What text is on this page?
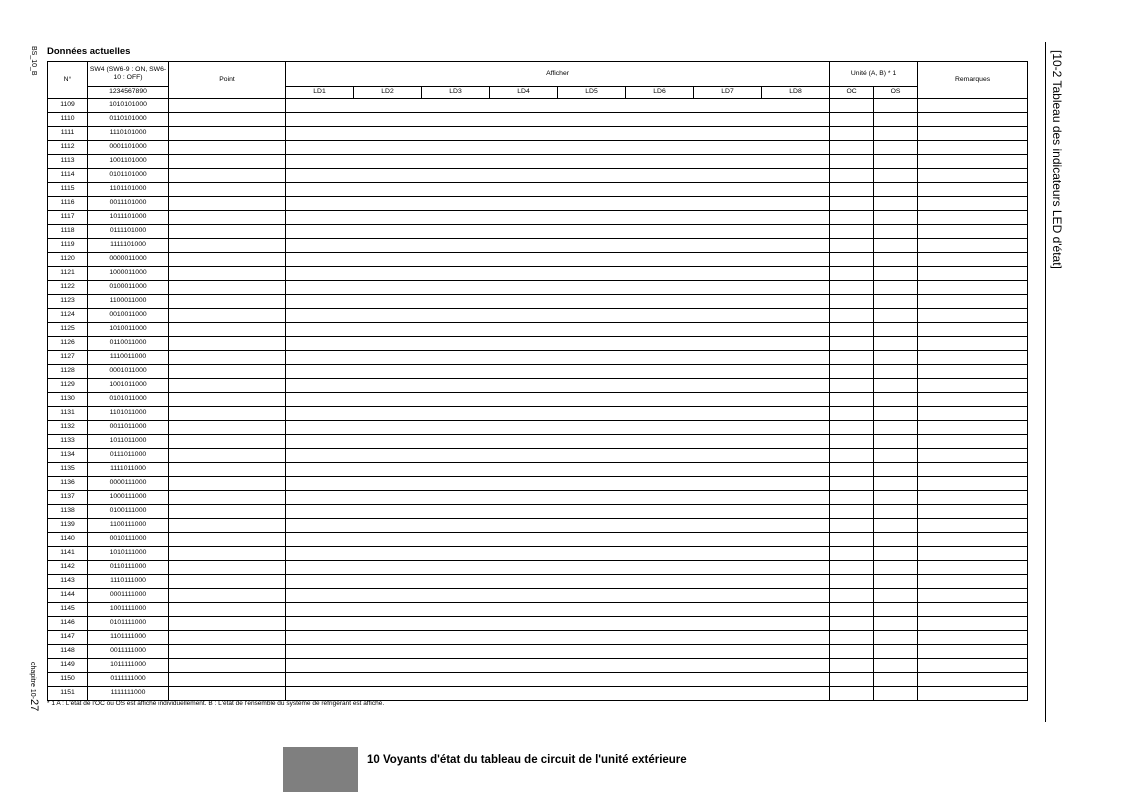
BS_10_B
chapitre 10-27
Données actuelles
N°	SW4 (SW6-9 : ON, SW6-10 : OFF)	Point	Afficher								Unité (A, B) * 1		Remarques
	1234567890		LD1	LD2	LD3	LD4	LD5	LD6	LD7	LD8	OC	OS	
1109	1010101000												
1110	0110101000												
1111	1110101000												
1112	0001101000												
1113	1001101000												
1114	0101101000												
1115	1101101000												
1116	0011101000												
1117	1011101000												
1118	0111101000												
1119	1111101000												
1120	0000011000												
1121	1000011000												
1122	0100011000												
1123	1100011000												
1124	0010011000												
1125	1010011000												
1126	0110011000												
1127	1110011000												
1128	0001011000												
1129	1001011000												
1130	0101011000												
1131	1101011000												
1132	0011011000												
1133	1011011000												
1134	0111011000												
1135	1111011000												
1136	0000111000												
1137	1000111000												
1138	0100111000												
1139	1100111000												
1140	0010111000												
1141	1010111000												
1142	0110111000												
1143	1110111000												
1144	0001111000												
1145	1001111000												
1146	0101111000												
1147	1101111000												
1148	0011111000												
1149	1011111000												
1150	0111111000												
1151	1111111000												
* 1 A : L'état de l'OC ou OS est affiché individuellement. B : L'état de l'ensemble du système de réfrigérant est affiché.
[10-2 Tableau des indicateurs LED d'état]
10 Voyants d'état du tableau de circuit de l'unité extérieure
